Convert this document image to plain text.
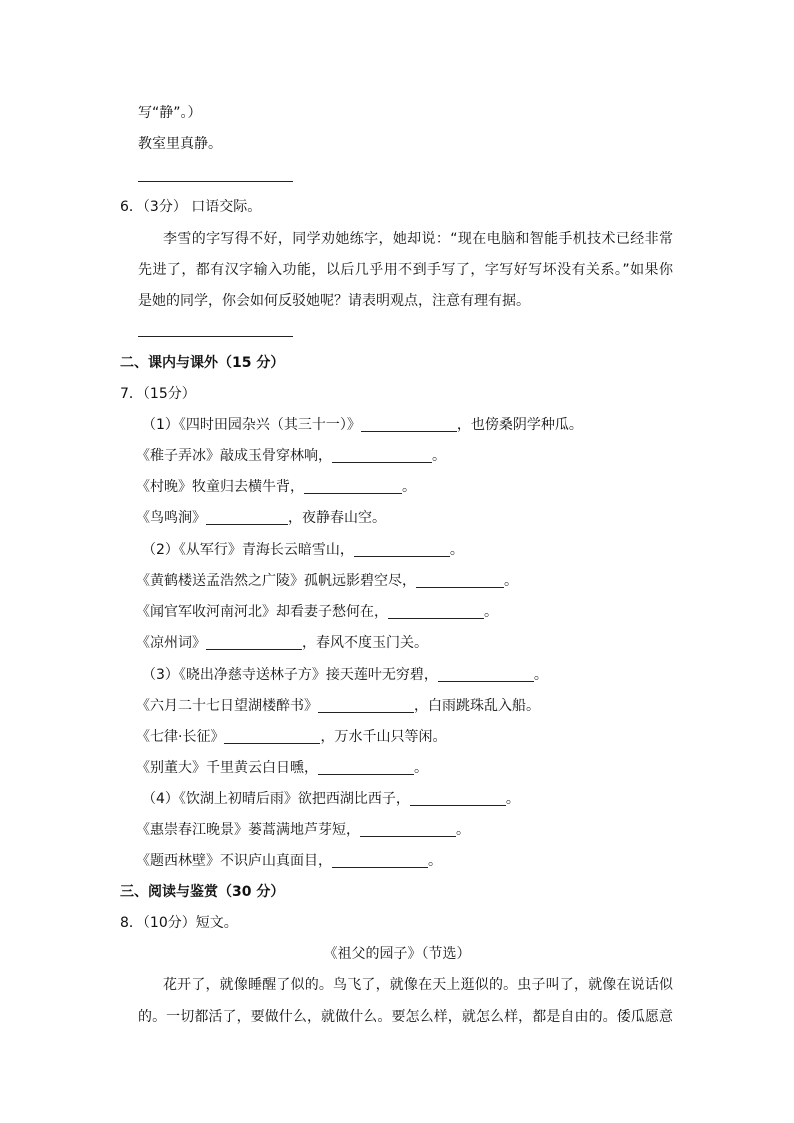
写“静”。）
教室里真静。
6．（3分） 口语交际。
李雪的字写得不好，同学劝她练字，她却说：“现在电脑和智能手机技术已经非常
先进了，都有汉字输入功能，以后几乎用不到手写了，字写好写坏没有关系。”如果你
是她的同学，你会如何反驳她呢？请表明观点，注意有理有据。
二、课内与课外（15 分）
7．（15分）
（1）《四时田园杂兴（其三十一）》	，也傍桑阴学种瓜。
《稚子弄冰》敲成玉骨穿林响，	。
《村晚》牧童归去横牛背，	。
《鸟鸣涧》	，夜静春山空。
（2）《从军行》青海长云暗雪山，	。
《黄鹤楼送孟浩然之广陵》孤帆远影碧空尽，	。
《闻官军收河南河北》却看妻子愁何在，	。
《凉州词》	，春风不度玉门关。
（3）《晓出净慈寺送林子方》接天莲叶无穷碧，	。
《六月二十七日望湖楼醉书》	，白雨跳珠乱入船。
《七律·长征》	，万水千山只等闲。
《别董大》千里黄云白日曛，	。
（4）《饮湖上初晴后雨》欲把西湖比西子，	。
《惠崇春江晚景》蒌蒿满地芦芽短，	。
《题西林壁》不识庐山真面目，	。
三、阅读与鉴赏（30 分）
8．（10分）短文。
《祖父的园子》（节选）
花开了，就像睡醒了似的。鸟飞了，就像在天上逛似的。虫子叫了，就像在说话似
的。一切都活了，要做什么，就做什么。要怎么样，就怎么样，都是自由的。倭瓜愿意
